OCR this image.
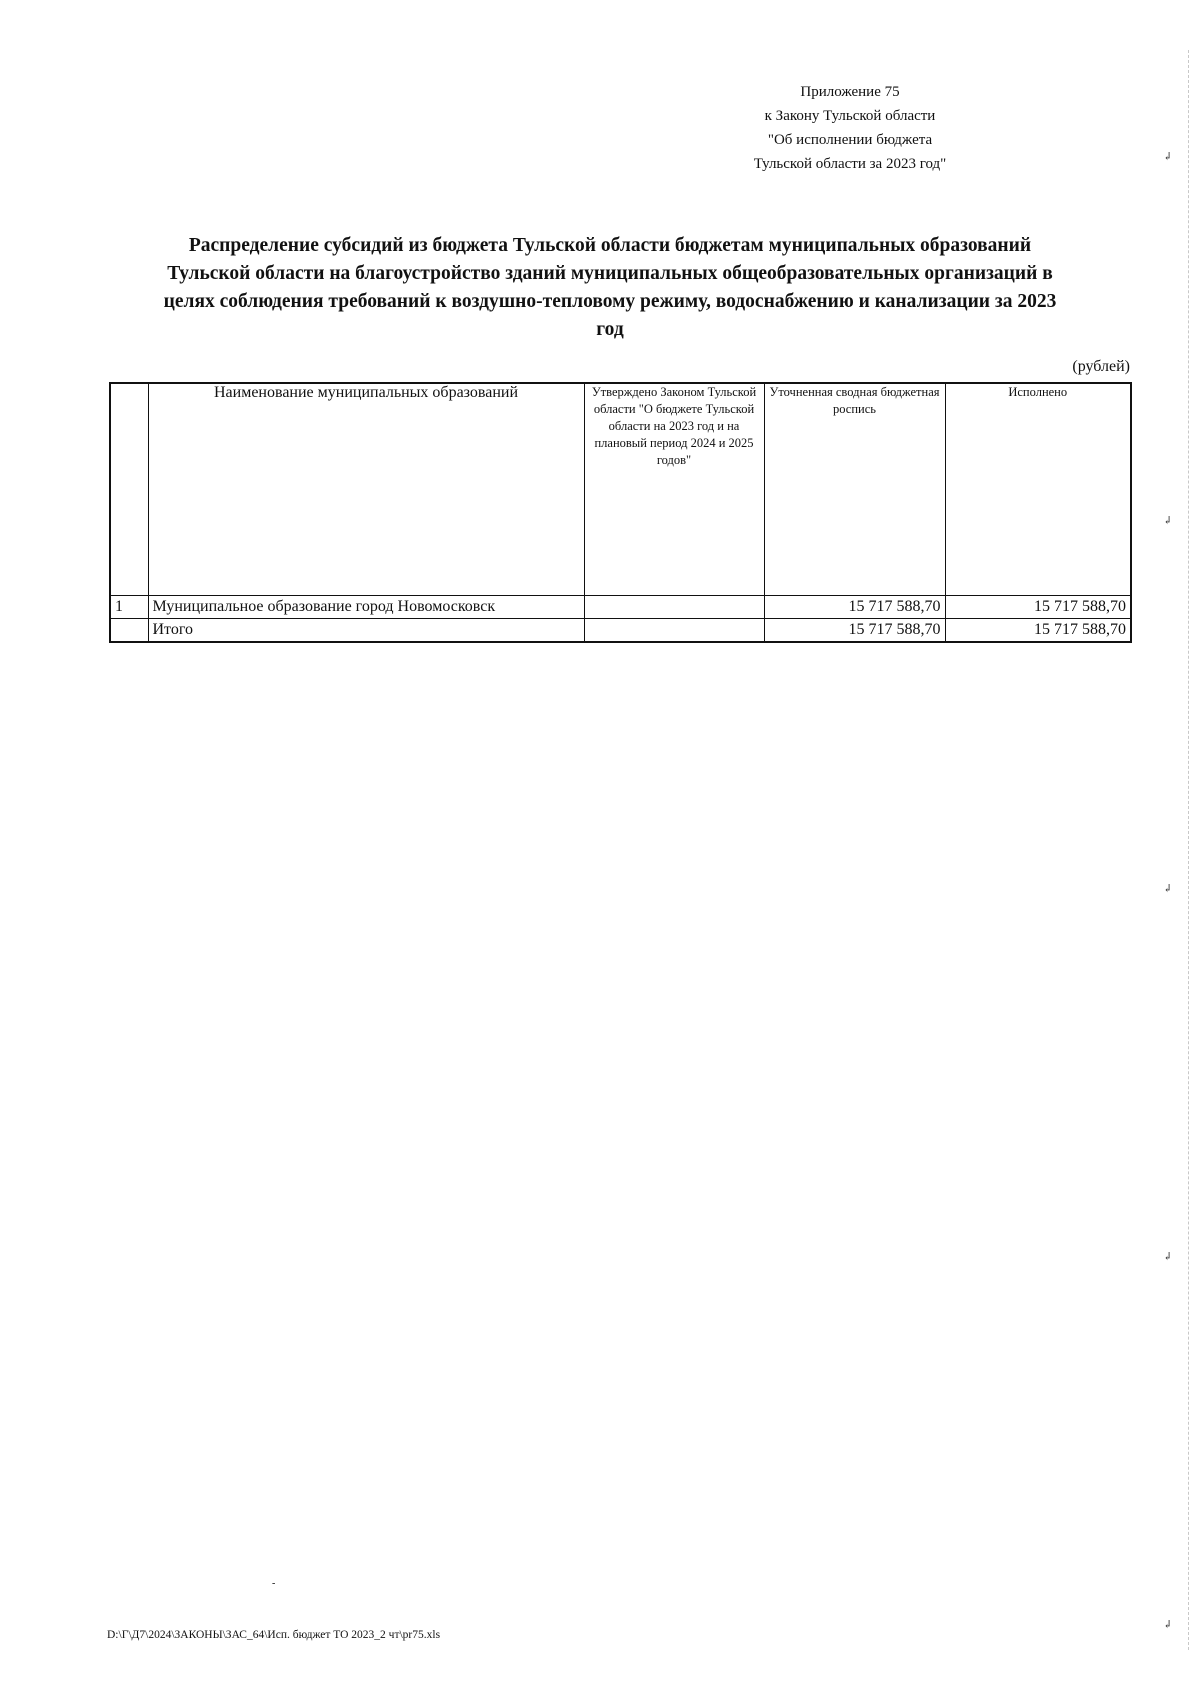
Приложение 75
к Закону Тульской области
"Об исполнении бюджета
Тульской области за 2023 год"
Распределение субсидий из бюджета Тульской области бюджетам муниципальных образований
Тульской области на благоустройство зданий муниципальных общеобразовательных организаций в
целях соблюдения требований к воздушно-тепловому режиму, водоснабжению и канализации за 2023
год
(рублей)
	Наименование муниципальных образований	Утверждено Законом Тульской области "О бюджете Тульской области на 2023 год и на плановый период 2024 и 2025 годов"	Уточненная сводная бюджетная роспись	Исполнено
1	Муниципальное образование город Новомосковск		15 717 588,70	15 717 588,70
	Итого		15 717 588,70	15 717 588,70
-
D:\Г\Д7\2024\ЗАКОНЫ\ЗАС_64\Исп. бюджет ТО 2023_2 чт\pr75.xls
↲
↲
↲
↲
↲
